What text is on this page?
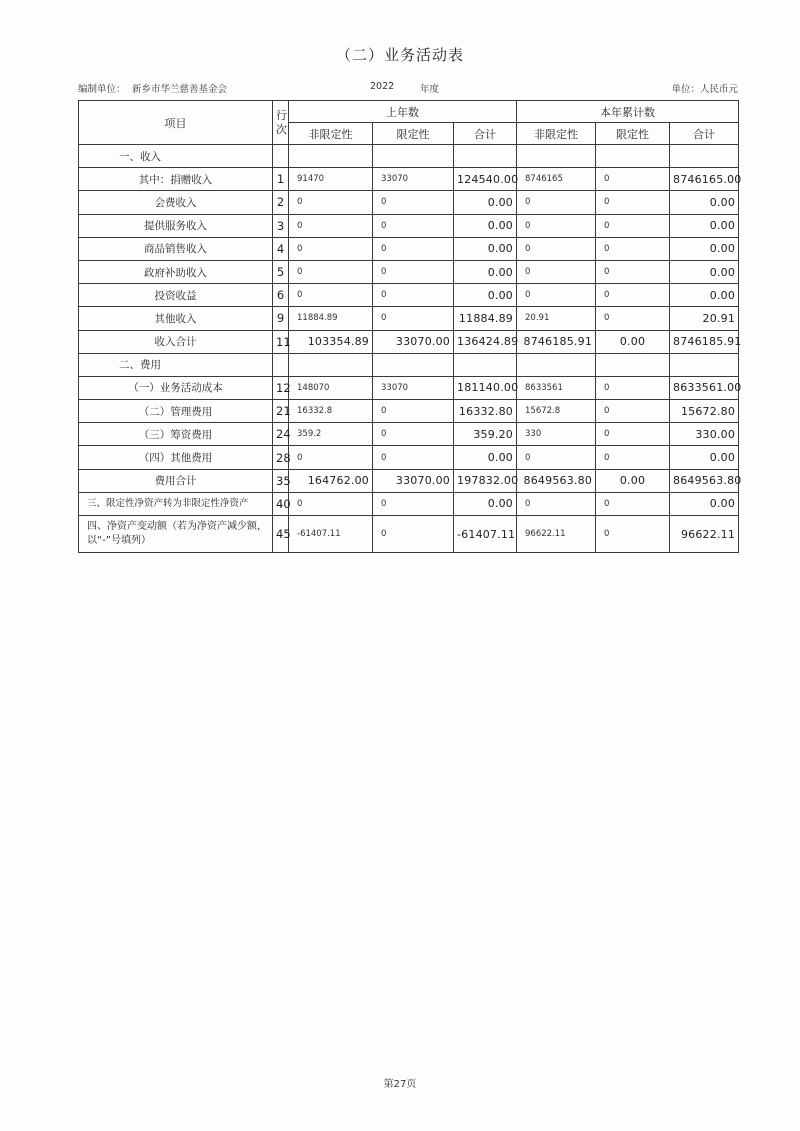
（二）业务活动表
编制单位： 新乡市华兰慈善基金会	2022	年度	单位：人民币元
项目	行次	上年数			本年累计数		
		非限定性	限定性	合计	非限定性	限定性	合计
一、收入							
其中：捐赠收入	1	91470	33070	124540.00	8746165	0	8746165.00
会费收入	2	0	0	0.00	0	0	0.00
提供服务收入	3	0	0	0.00	0	0	0.00
商品销售收入	4	0	0	0.00	0	0	0.00
政府补助收入	5	0	0	0.00	0	0	0.00
投资收益	6	0	0	0.00	0	0	0.00
其他收入	9	11884.89	0	11884.89	20.91	0	20.91
收入合计	11	103354.89	33070.00	136424.89	8746185.91	0.00	8746185.91
二、费用							
（一）业务活动成本	12	148070	33070	181140.00	8633561	0	8633561.00
（二）管理费用	21	16332.8	0	16332.80	15672.8	0	15672.80
（三）筹资费用	24	359.2	0	359.20	330	0	330.00
（四）其他费用	28	0	0	0.00	0	0	0.00
费用合计	35	164762.00	33070.00	197832.00	8649563.80	0.00	8649563.80
三、限定性净资产转为非限定性净资产	40	0	0	0.00	0	0	0.00
四、净资产变动额（若为净资产减少额，以“-”号填列）	45	-61407.11	0	-61407.11	96622.11	0	96622.11
第27页
